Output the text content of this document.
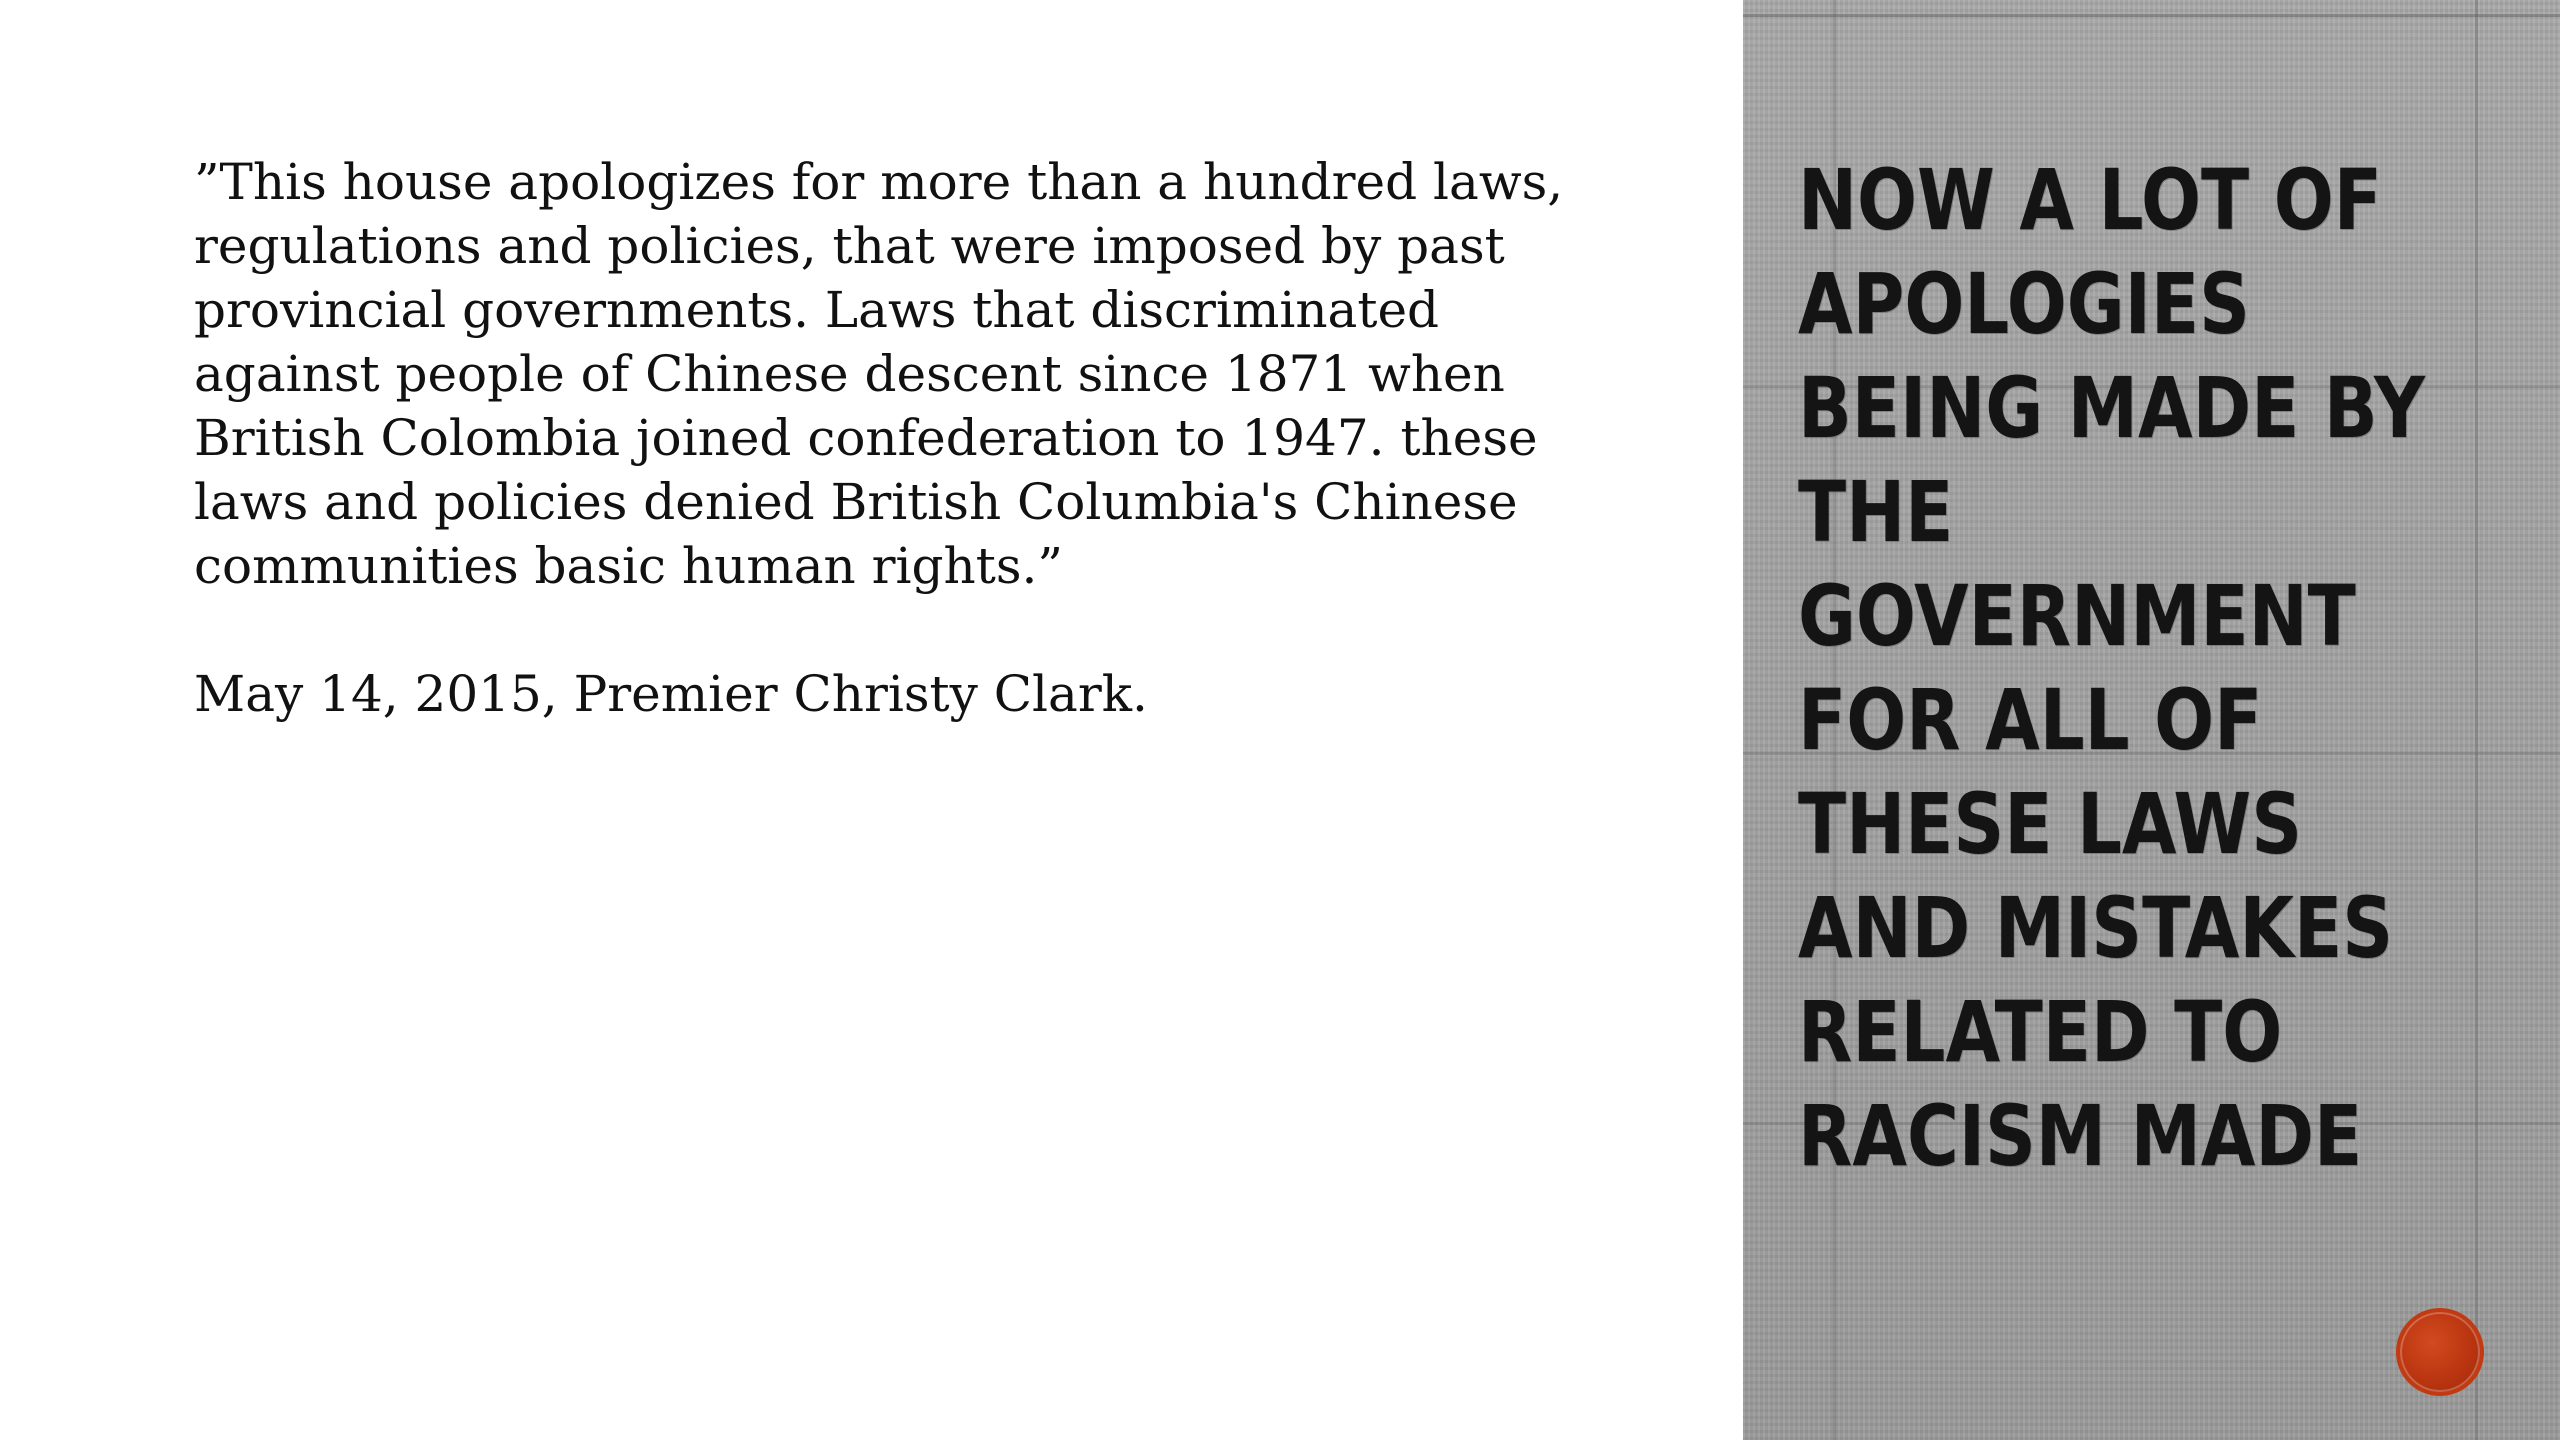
”This house apologizes for more than a hundred laws,
regulations and policies, that were imposed by past
provincial governments. Laws that discriminated
against people of Chinese descent since 1871 when
British Colombia joined confederation to 1947. these
laws and policies denied British Columbia's Chinese
communities basic human rights.”
May 14, 2015, Premier Christy Clark.
NOW A LOT OF
APOLOGIES
BEING MADE BY
THE
GOVERNMENT
FOR ALL OF
THESE LAWS
AND MISTAKES
RELATED TO
RACISM MADE
